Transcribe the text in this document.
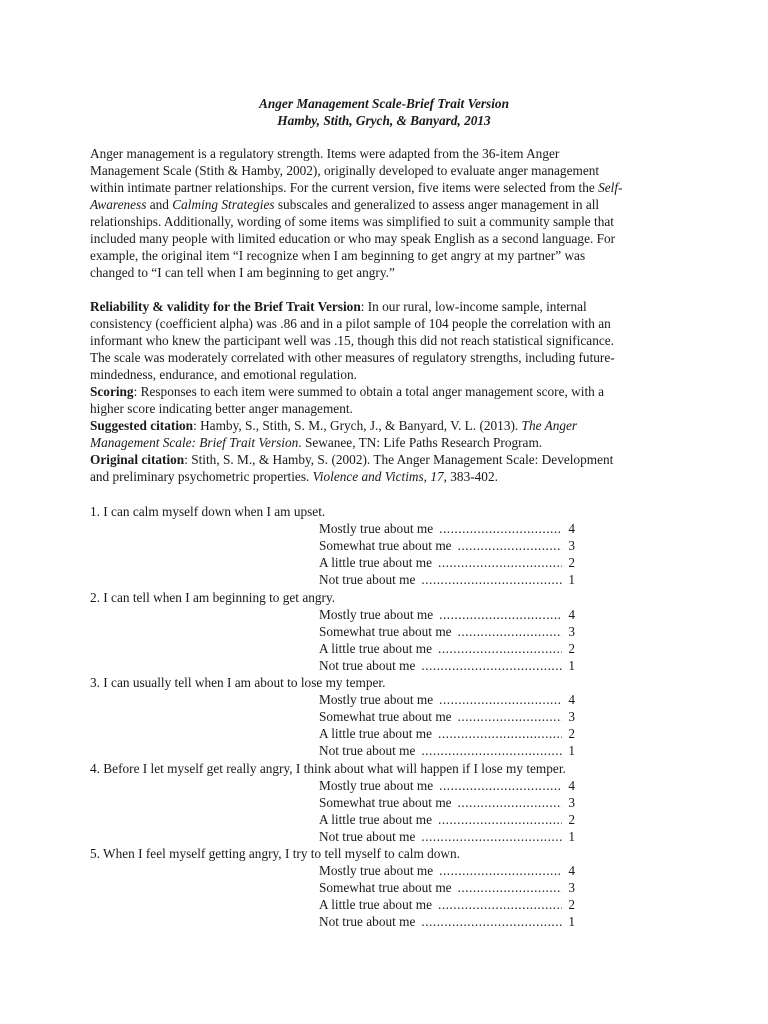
Anger Management Scale-Brief Trait Version
Hamby, Stith, Grych, & Banyard, 2013
Anger management is a regulatory strength. Items were adapted from the 36-item Anger
Management Scale (Stith & Hamby, 2002), originally developed to evaluate anger management
within intimate partner relationships. For the current version, five items were selected from the Self-
Awareness and Calming Strategies subscales and generalized to assess anger management in all
relationships. Additionally, wording of some items was simplified to suit a community sample that
included many people with limited education or who may speak English as a second language. For
example, the original item “I recognize when I am beginning to get angry at my partner” was
changed to “I can tell when I am beginning to get angry.”
Reliability & validity for the Brief Trait Version: In our rural, low-income sample, internal
consistency (coefficient alpha) was .86 and in a pilot sample of 104 people the correlation with an
informant who knew the participant well was .15, though this did not reach statistical significance.
The scale was moderately correlated with other measures of regulatory strengths, including future-
mindedness, endurance, and emotional regulation.
Scoring: Responses to each item were summed to obtain a total anger management score, with a
higher score indicating better anger management.
Suggested citation: Hamby, S., Stith, S. M., Grych, J., & Banyard, V. L. (2013). The Anger
Management Scale: Brief Trait Version. Sewanee, TN: Life Paths Research Program.
Original citation: Stith, S. M., & Hamby, S. (2002). The Anger Management Scale: Development
and preliminary psychometric properties. Violence and Victims, 17, 383-402.
1. I can calm myself down when I am upset.
Mostly true about me .....	4
Somewhat true about me .....	3
A little true about me .....	2
Not true about me .....	1
2. I can tell when I am beginning to get angry.
Mostly true about me .....	4
Somewhat true about me .....	3
A little true about me .....	2
Not true about me .....	1
3. I can usually tell when I am about to lose my temper.
Mostly true about me .....	4
Somewhat true about me .....	3
A little true about me .....	2
Not true about me .....	1
4. Before I let myself get really angry, I think about what will happen if I lose my temper.
Mostly true about me .....	4
Somewhat true about me .....	3
A little true about me .....	2
Not true about me .....	1
5. When I feel myself getting angry, I try to tell myself to calm down.
Mostly true about me .....	4
Somewhat true about me .....	3
A little true about me .....	2
Not true about me .....	1
